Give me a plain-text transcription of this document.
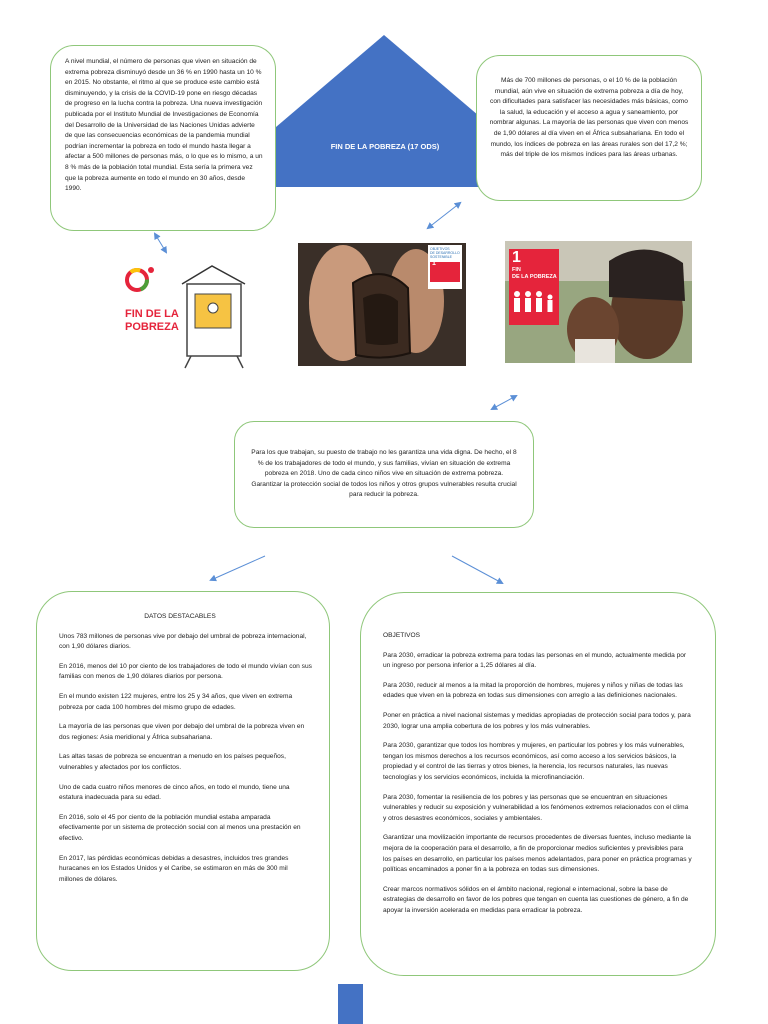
FIN DE LA POBREZA (17 ODS)

A nivel mundial, el número de personas que viven en situación de extrema pobreza disminuyó desde un 36 % en 1990 hasta un 10 % en 2015. No obstante, el ritmo al que se produce este cambio está disminuyendo, y la crisis de la COVID-19 pone en riesgo décadas de progreso en la lucha contra la pobreza. Una nueva investigación publicada por el Instituto Mundial de Investigaciones de Economía del Desarrollo de la Universidad de las Naciones Unidas advierte de que las consecuencias económicas de la pandemia mundial podrían incrementar la pobreza en todo el mundo hasta llegar a afectar a 500 millones de personas más, o lo que es lo mismo, a un 8 % más de la población total mundial. Esta sería la primera vez que la pobreza aumente en todo el mundo en 30 años, desde 1990.

Más de 700 millones de personas, o el 10 % de la población mundial, aún vive en situación de extrema pobreza a día de hoy, con dificultades para satisfacer las necesidades más básicas, como la salud, la educación y el acceso a agua y saneamiento, por nombrar algunas. La mayoría de las personas que viven con menos de 1,90 dólares al día viven en el África subsahariana. En todo el mundo, los índices de pobreza en las áreas rurales son del 17,2 %; más del triple de los mismos índices para las áreas urbanas.

FIN DE LA
POBREZA
OBJETIVOS
DE DESARROLLO
SOSTENIBLE
1	1
FIN
DE LA POBREZA

Para los que trabajan, su puesto de trabajo no les garantiza una vida digna. De hecho, el 8 % de los trabajadores de todo el mundo, y sus familias, vivían en situación de extrema pobreza en 2018. Uno de cada cinco niños vive en situación de extrema pobreza. Garantizar la protección social de todos los niños y otros grupos vulnerables resulta crucial para reducir la pobreza.

DATOS DESTACABLES

Unos 783 millones de personas vive por debajo del umbral de pobreza internacional, con 1,90 dólares diarios.

En 2016, menos del 10 por ciento de los trabajadores de todo el mundo vivían con sus familias con menos de 1,90 dólares diarios por persona.

En el mundo existen 122 mujeres, entre los 25 y 34 años, que viven en extrema pobreza por cada 100 hombres del mismo grupo de edades.

La mayoría de las personas que viven por debajo del umbral de la pobreza viven en dos regiones: Asia meridional y África subsahariana.

Las altas tasas de pobreza se encuentran a menudo en los países pequeños, vulnerables y afectados por los conflictos.

Uno de cada cuatro niños menores de cinco años, en todo el mundo, tiene una estatura inadecuada para su edad.

En 2016, solo el 45 por ciento de la población mundial estaba amparada efectivamente por un sistema de protección social con al menos una prestación en efectivo.

En 2017, las pérdidas económicas debidas a desastres, incluidos tres grandes huracanes en los Estados Unidos y el Caribe, se estimaron en más de 300 mil millones de dólares.

OBJETIVOS

Para 2030, erradicar la pobreza extrema para todas las personas en el mundo, actualmente medida por un ingreso por persona inferior a 1,25 dólares al día.

Para 2030, reducir al menos a la mitad la proporción de hombres, mujeres y niños y niñas de todas las edades que viven en la pobreza en todas sus dimensiones con arreglo a las definiciones nacionales.

Poner en práctica a nivel nacional sistemas y medidas apropiadas de protección social para todos y, para 2030, lograr una amplia cobertura de los pobres y los más vulnerables.

Para 2030, garantizar que todos los hombres y mujeres, en particular los pobres y los más vulnerables, tengan los mismos derechos a los recursos económicos, así como acceso a los servicios básicos, la propiedad y el control de las tierras y otros bienes, la herencia, los recursos naturales, las nuevas tecnologías y los servicios económicos, incluida la microfinanciación.

Para 2030, fomentar la resiliencia de los pobres y las personas que se encuentran en situaciones vulnerables y reducir su exposición y vulnerabilidad a los fenómenos extremos relacionados con el clima y otros desastres económicos, sociales y ambientales.

Garantizar una movilización importante de recursos procedentes de diversas fuentes, incluso mediante la mejora de la cooperación para el desarrollo, a fin de proporcionar medios suficientes y previsibles para los países en desarrollo, en particular los países menos adelantados, para poner en práctica programas y políticas encaminados a poner fin a la pobreza en todas sus dimensiones.

Crear marcos normativos sólidos en el ámbito nacional, regional e internacional, sobre la base de estrategias de desarrollo en favor de los pobres que tengan en cuenta las cuestiones de género, a fin de apoyar la inversión acelerada en medidas para erradicar la pobreza.
